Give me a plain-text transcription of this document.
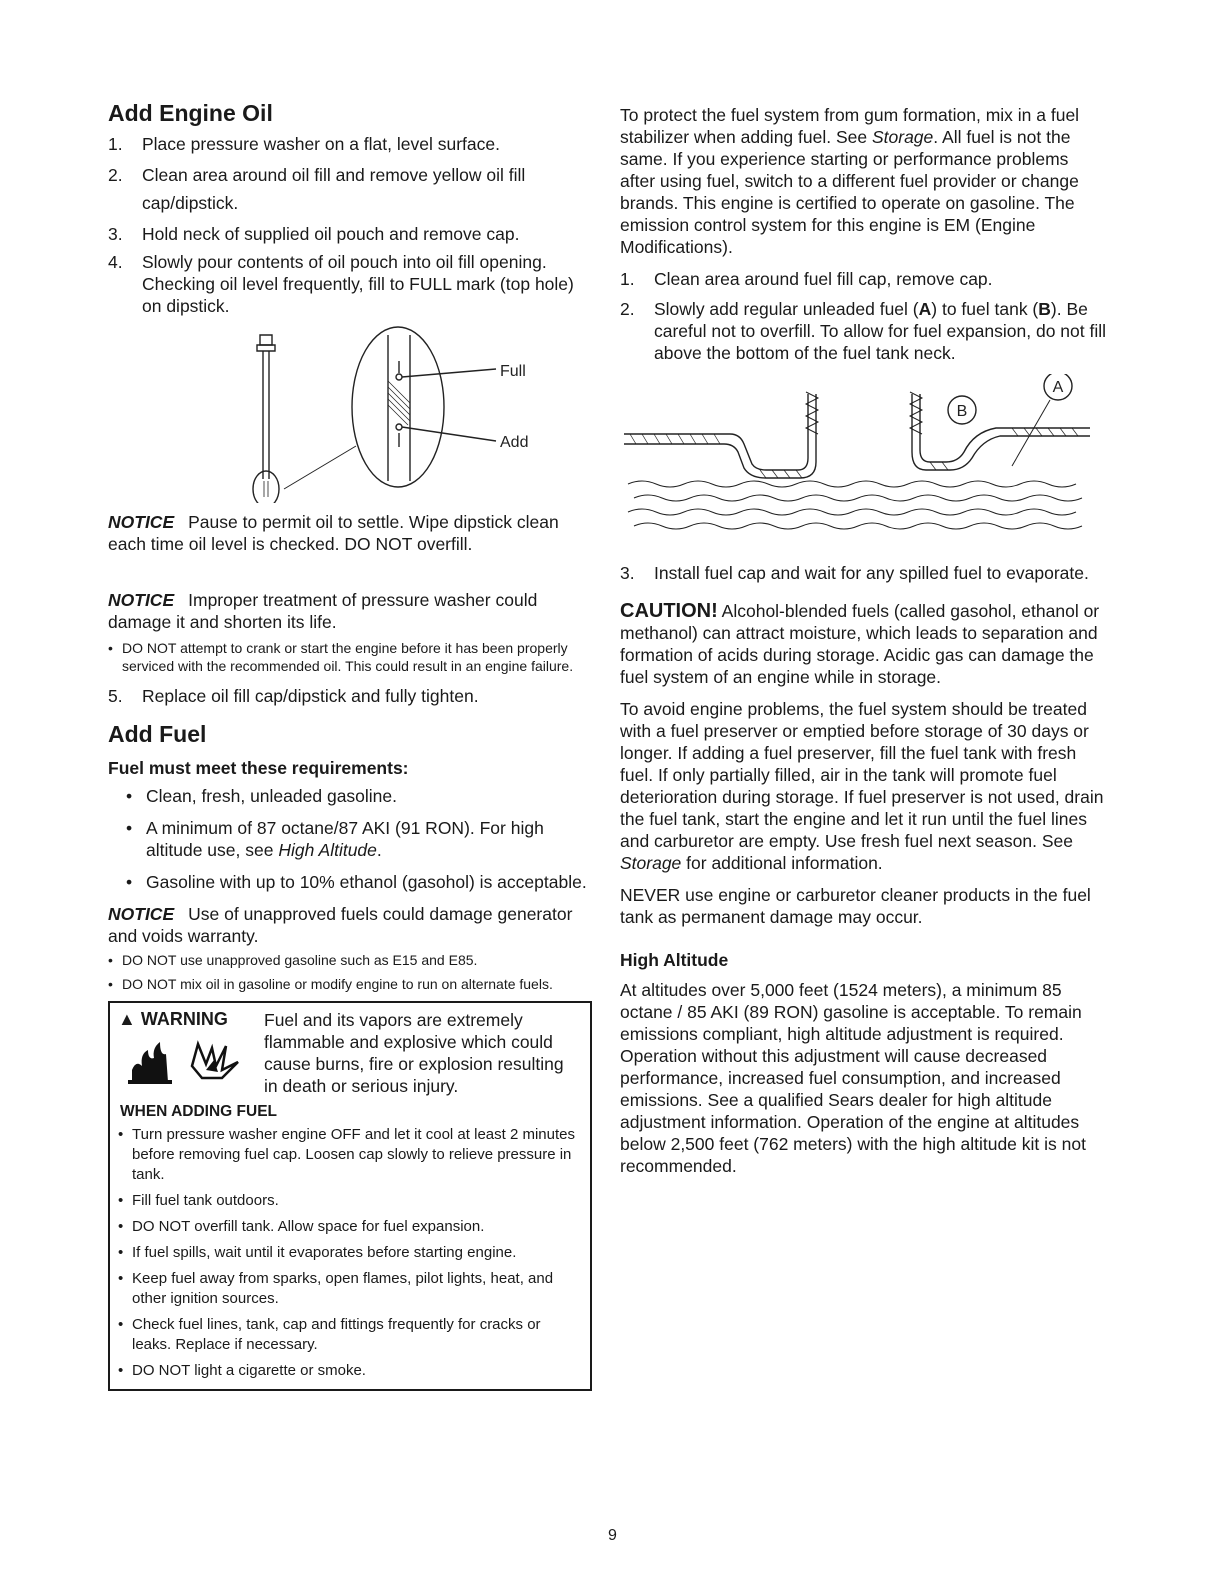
Add Engine Oil
1.	Place pressure washer on a flat, level surface.
2.	Clean area around oil fill and remove yellow oil fill cap/dipstick.
3.	Hold neck of supplied oil pouch and remove cap.
4.	Slowly pour contents of oil pouch into oil fill opening. Checking oil level frequently, fill to FULL mark (top hole) on dipstick.
Full
Add

NOTICE Pause to permit oil to settle. Wipe dipstick clean each time oil level is checked. DO NOT overfill.

NOTICE Improper treatment of pressure washer could damage it and shorten its life.

• DO NOT attempt to crank or start the engine before it has been properly serviced with the recommended oil. This could result in an engine failure.
5.	Replace oil fill cap/dipstick and fully tighten.
Add Fuel
Fuel must meet these requirements:
• Clean, fresh, unleaded gasoline.
• A minimum of 87 octane/87 AKI (91 RON). For high altitude use, see High Altitude.
• Gasoline with up to 10% ethanol (gasohol) is acceptable.

NOTICE Use of unapproved fuels could damage generator and voids warranty.

• DO NOT use unapproved gasoline such as E15 and E85.
• DO NOT mix oil in gasoline or modify engine to run on alternate fuels.
▲ WARNING	Fuel and its vapors are extremely flammable and explosive which could cause burns, fire or explosion resulting in death or serious injury.
WHEN ADDING FUEL
• Turn pressure washer engine OFF and let it cool at least 2 minutes before removing fuel cap. Loosen cap slowly to relieve pressure in tank.
• Fill fuel tank outdoors.
• DO NOT overfill tank. Allow space for fuel expansion.
• If fuel spills, wait until it evaporates before starting engine.
• Keep fuel away from sparks, open flames, pilot lights, heat, and other ignition sources.
• Check fuel lines, tank, cap and fittings frequently for cracks or leaks. Replace if necessary.
• DO NOT light a cigarette or smoke.

To protect the fuel system from gum formation, mix in a fuel stabilizer when adding fuel. See Storage. All fuel is not the same. If you experience starting or performance problems after using fuel, switch to a different fuel provider or change brands. This engine is certified to operate on gasoline. The emission control system for this engine is EM (Engine Modifications).

1.	Clean area around fuel fill cap, remove cap.
2.	Slowly add regular unleaded fuel (A) to fuel tank (B). Be careful not to overfill. To allow for fuel expansion, do not fill above the bottom of the fuel tank neck.
B
A
3.	Install fuel cap and wait for any spilled fuel to evaporate.

CAUTION! Alcohol-blended fuels (called gasohol, ethanol or methanol) can attract moisture, which leads to separation and formation of acids during storage. Acidic gas can damage the fuel system of an engine while in storage.

To avoid engine problems, the fuel system should be treated with a fuel preserver or emptied before storage of 30 days or longer. If adding a fuel preserver, fill the fuel tank with fresh fuel. If only partially filled, air in the tank will promote fuel deterioration during storage. If fuel preserver is not used, drain the fuel tank, start the engine and let it run until the fuel lines and carburetor are empty. Use fresh fuel next season. See Storage for additional information.

NEVER use engine or carburetor cleaner products in the fuel tank as permanent damage may occur.

High Altitude

At altitudes over 5,000 feet (1524 meters), a minimum 85 octane / 85 AKI (89 RON) gasoline is acceptable. To remain emissions compliant, high altitude adjustment is required. Operation without this adjustment will cause decreased performance, increased fuel consumption, and increased emissions. See a qualified Sears dealer for high altitude adjustment information. Operation of the engine at altitudes below 2,500 feet (762 meters) with the high altitude kit is not recommended.

9
